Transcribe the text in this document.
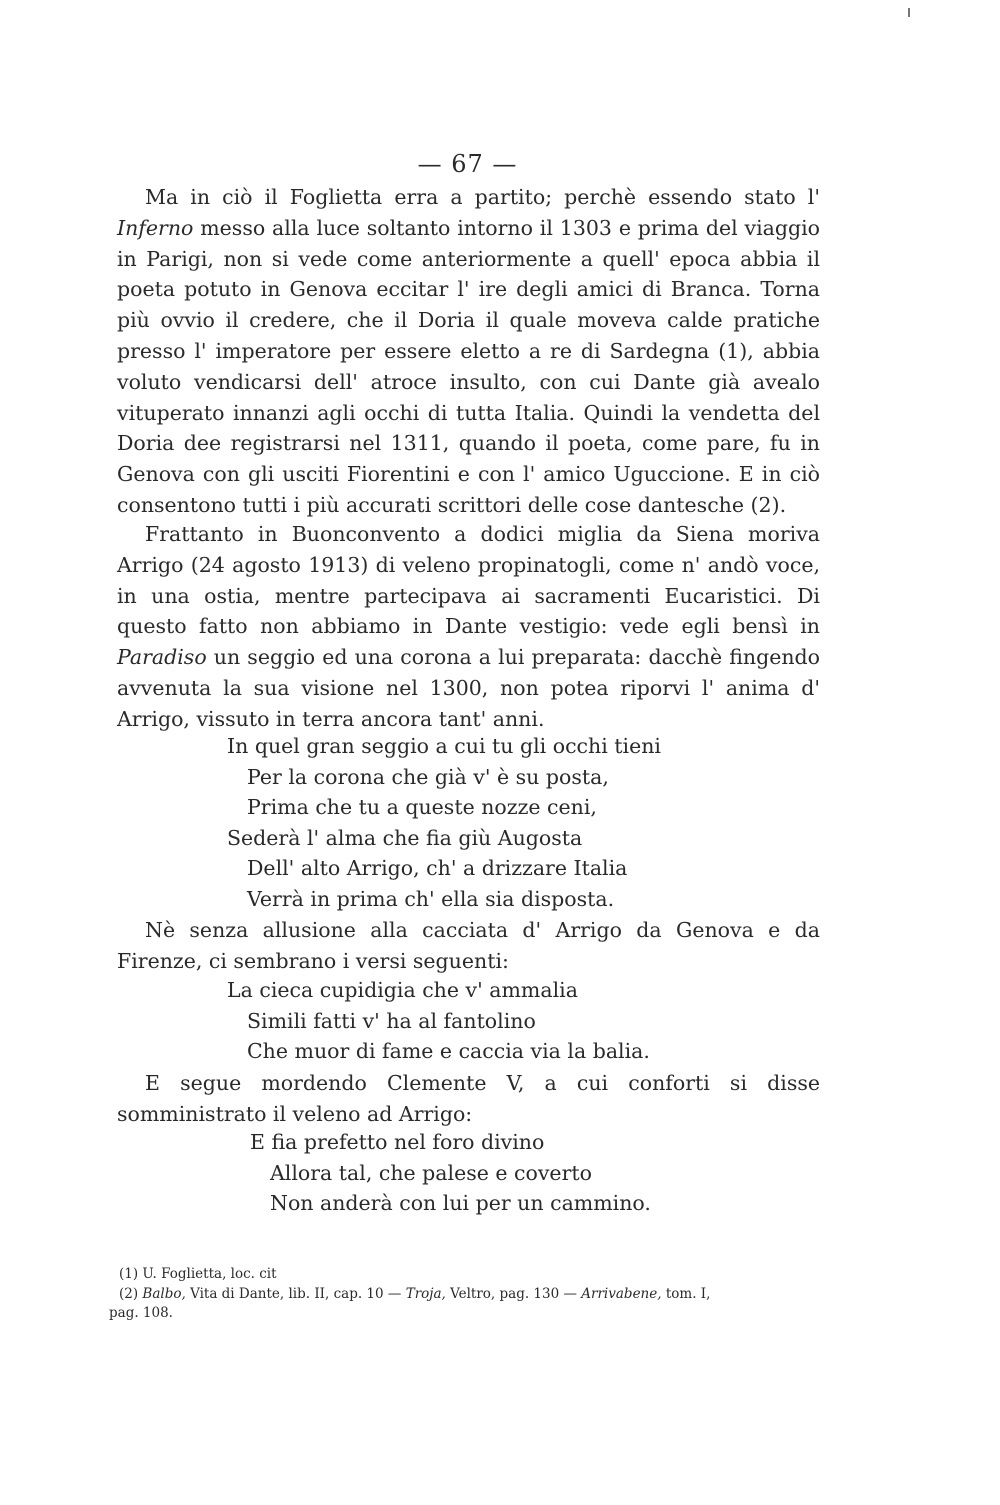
— 67 —

Ma in ciò il Foglietta erra a partito; perchè essendo stato l' Inferno messo alla luce soltanto intorno il 1303 e prima del viaggio in Parigi, non si vede come anteriormente a quell' epoca abbia il poeta potuto in Genova eccitar l' ire degli amici di Branca. Torna più ovvio il credere, che il Doria il quale moveva calde pratiche presso l' imperatore per essere eletto a re di Sardegna (1), abbia voluto vendicarsi dell' atroce insulto, con cui Dante già avealo vituperato innanzi agli occhi di tutta Italia. Quindi la vendetta del Doria dee registrarsi nel 1311, quando il poeta, come pare, fu in Genova con gli usciti Fiorentini e con l' amico Uguccione. E in ciò consentono tutti i più accurati scrittori delle cose dantesche (2).

Frattanto in Buonconvento a dodici miglia da Siena moriva Arrigo (24 agosto 1913) di veleno propinatogli, come n' andò voce, in una ostia, mentre partecipava ai sacramenti Eucaristici. Di questo fatto non abbiamo in Dante vestigio: vede egli bensì in Paradiso un seggio ed una corona a lui preparata: dacchè fingendo avvenuta la sua visione nel 1300, non potea riporvi l' anima d' Arrigo, vissuto in terra ancora tant' anni.

In quel gran seggio a cui tu gli occhi tieni
Per la corona che già v' è su posta,
Prima che tu a queste nozze ceni,
Sederà l' alma che fia giù Augosta
Dell' alto Arrigo, ch' a drizzare Italia
Verrà in prima ch' ella sia disposta.

Nè senza allusione alla cacciata d' Arrigo da Genova e da Firenze, ci sembrano i versi seguenti:

La cieca cupidigia che v' ammalia
Simili fatti v' ha al fantolino
Che muor di fame e caccia via la balia.

E segue mordendo Clemente V, a cui conforti si disse somministrato il veleno ad Arrigo:

E fia prefetto nel foro divino
Allora tal, che palese e coverto
Non anderà con lui per un cammino.

(1) U. Foglietta, loc. cit

(2) Balbo, Vita di Dante, lib. II, cap. 10 — Troja, Veltro, pag. 130 — Arrivabene, tom. I,

pag. 108.
